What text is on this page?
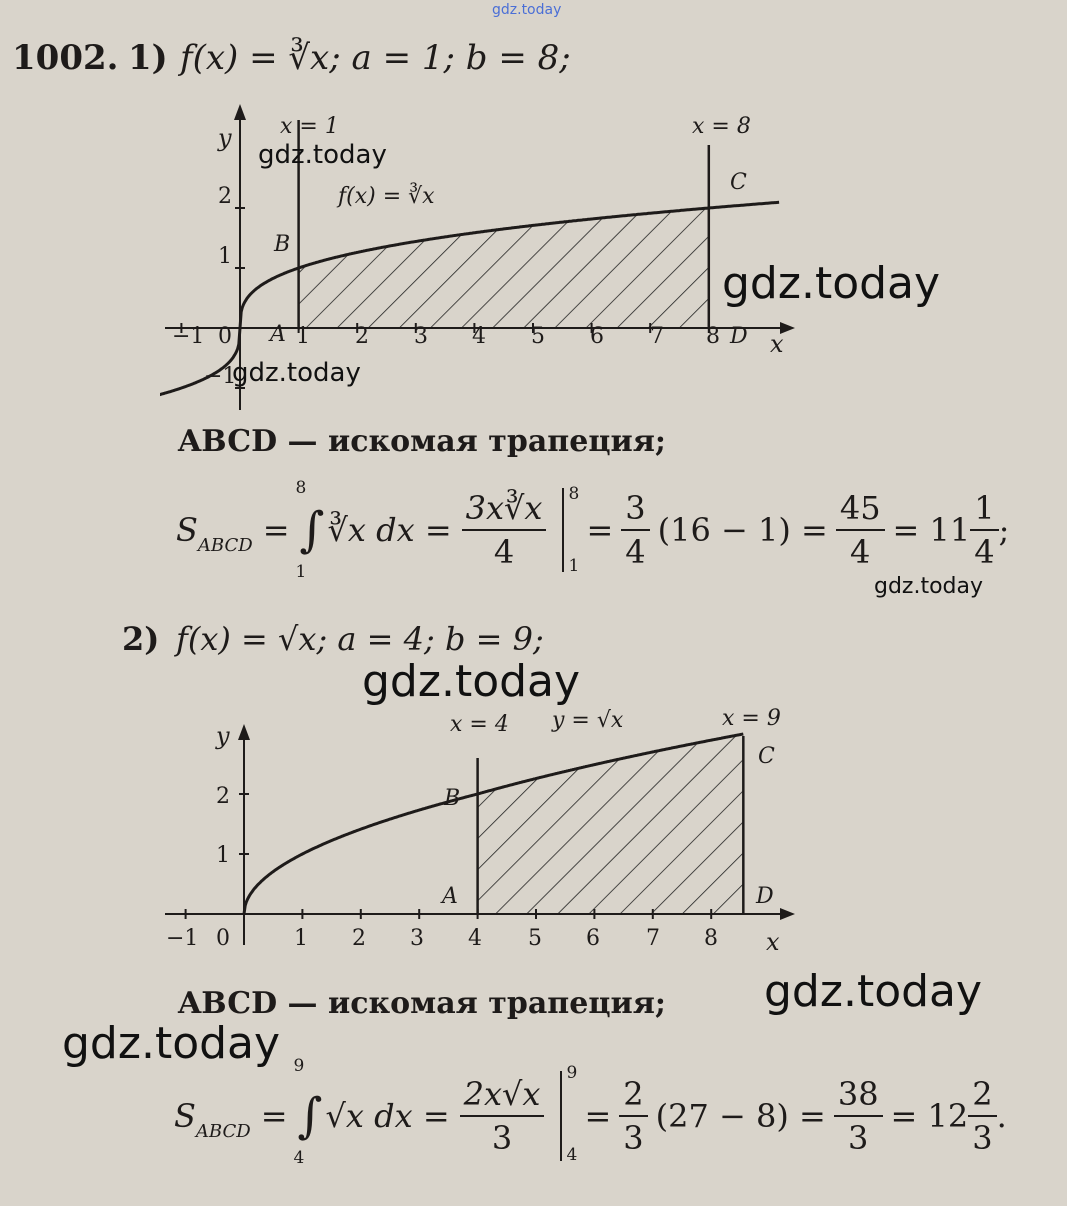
gdz.today
1002. 1) f(x) = ∛x; a = 1; b = 8;
y
x
x = 1	x = 8
f(x) = ∛x
B
C
A	D
−1 0	1 2 3 4 5 6 7 8
2
1
−1
ABCD — искомая трапеция;
S ABCD = ∫
8
1
∛x dx = $\frac{3x∛x}{4} 8$
1
= $\frac{3}{4} (16 - 1) = \frac{45}{4} = 11 \frac{1}{4}$ ;
2) f(x) = √x; a = 4; b = 9;
y
x
x = 4	x = 9
y = √x
B
C
A	D
−1 0	1 2 3 4 5 6 7 8
2
1
ABCD — искомая трапеция;
S ABCD = ∫
9
4
√x dx = $\frac{2x√x}{3}$
9
4
= $\frac{2}{3} (27 - 8) = \frac{38}{3} = 12 \frac{2}{3}$ .
gdz.today
gdz.today
gdz.today
gdz.today
gdz.today
gdz.today
gdz.today
